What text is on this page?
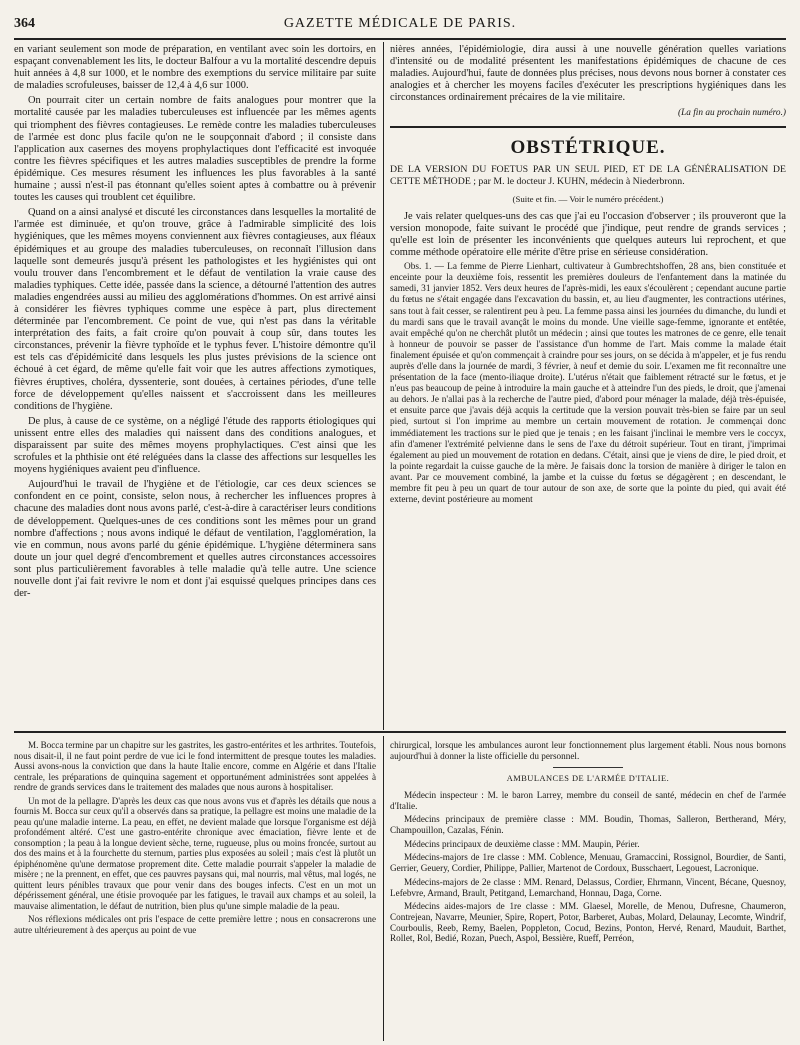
364	GAZETTE MÉDICALE DE PARIS.

en variant seulement son mode de préparation, en ventilant avec soin les dortoirs, en espaçant convenablement les lits, le docteur Balfour a vu la mortalité descendre depuis huit années à 4,8 sur 1000, et le nombre des exemptions du service militaire par suite de maladies scrofuleuses, baisser de 12,4 à 4,6 sur 1000.

On pourrait citer un certain nombre de faits analogues pour montrer que la mortalité causée par les maladies tuberculeuses est influencée par les mêmes agents qui triomphent des fièvres contagieuses. Le remède contre les maladies tuberculeuses de l'armée est donc plus facile qu'on ne le soupçonnait d'abord ; il consiste dans l'application aux casernes des moyens prophylactiques dont l'efficacité est invoquée contre les fièvres spécifiques et les autres maladies susceptibles de prendre la forme épidémique. Ces mesures résument les influences les plus favorables à la santé humaine ; aussi n'est-il pas étonnant qu'elles soient aptes à combattre ou à prévenir toutes les causes qui troublent cet équilibre.

Quand on a ainsi analysé et discuté les circonstances dans lesquelles la mortalité de l'armée est diminuée, et qu'on trouve, grâce à l'admirable simplicité des lois hygiéniques, que les mêmes moyens conviennent aux fièvres contagieuses, aux fléaux épidémiques et au groupe des maladies tuberculeuses, on reconnaît l'illusion dans laquelle sont demeurés jusqu'à présent les pathologistes et les hygiénistes qui ont voulu trouver dans l'encombrement et le défaut de ventilation la vraie cause des maladies typhiques. Cette idée, passée dans la science, a détourné l'attention des autres maladies engendrées aussi au milieu des agglomérations d'hommes. On est arrivé ainsi à considérer les fièvres typhiques comme une espèce à part, plus directement déterminée par l'encombrement. Ce point de vue, qui n'est pas dans la véritable interprétation des faits, a fait croire qu'on pouvait à coup sûr, dans toutes les circonstances, prévenir la fièvre typhoïde et le typhus fever. L'histoire démontre qu'il est tels cas d'épidémicité dans lesquels les plus justes prévisions de la science ont échoué à cet égard, de même qu'elle fait voir que les autres affections zymotiques, fièvres éruptives, choléra, dyssenterie, sont douées, à certaines périodes, d'une telle force de développement qu'elles naissent et s'accroissent dans les meilleures conditions de l'hygiène.

De plus, à cause de ce système, on a négligé l'étude des rapports étiologiques qui unissent entre elles des maladies qui naissent dans des conditions analogues, et disparaissent par suite des mêmes moyens prophylactiques. C'est ainsi que les scrofules et la phthisie ont été reléguées dans la classe des affections sur lesquelles les moyens hygiéniques avaient peu d'influence.

Aujourd'hui le travail de l'hygiène et de l'étiologie, car ces deux sciences se confondent en ce point, consiste, selon nous, à rechercher les influences propres à chacune des maladies dont nous avons parlé, c'est-à-dire à caractériser leurs conditions de développement. Quelques-unes de ces conditions sont les mêmes pour un grand nombre d'affections ; nous avons indiqué le défaut de ventilation, l'agglomération, la vie en commun, nous avons parlé du génie épidémique. L'hygiène déterminera sans doute un jour quel degré d'encombrement et quelles autres circonstances accessoires sont plus particulièrement favorables à telle maladie qu'à telle autre. Une science nouvelle dont j'ai fait revivre le nom et dont j'ai esquissé quelques principes dans ces der-

nières années, l'épidémiologie, dira aussi à une nouvelle génération quelles variations d'intensité ou de modalité présentent les manifestations épidémiques de chacune de ces maladies. Aujourd'hui, faute de données plus précises, nous devons nous borner à constater ces analogies et à chercher les moyens faciles d'exécuter les prescriptions hygiéniques dans les circonstances ordinairement précaires de la vie militaire.

(La fin au prochain numéro.)
OBSTÉTRIQUE.
DE LA VERSION DU FOETUS PAR UN SEUL PIED, ET DE LA GÉNÉRALISATION DE CETTE MÉTHODE ; par M. le docteur J. KUHN, médecin à Niederbronn.
(Suite et fin. — Voir le numéro précédent.)

Je vais relater quelques-uns des cas que j'ai eu l'occasion d'observer ; ils prouveront que la version monopode, faite suivant le procédé que j'indique, peut rendre de grands services ; qu'elle est loin de présenter les inconvénients que quelques auteurs lui reprochent, et que comme méthode opératoire elle mérite d'être prise en sérieuse considération.

Obs. 1. — La femme de Pierre Lienhart, cultivateur à Gumbrechtshoffen, 28 ans, bien constituée et enceinte pour la deuxième fois, ressentit les premières douleurs de l'enfantement dans la matinée du samedi, 31 janvier 1852. Vers deux heures de l'après-midi, les eaux s'écoulèrent ; cependant aucune partie du fœtus ne s'était engagée dans l'excavation du bassin, et, au lieu d'augmenter, les contractions utérines, sans tout à fait cesser, se ralentirent peu à peu. La femme passa ainsi les journées du dimanche, du lundi et du mardi sans que le travail avançât le moins du monde. Une vieille sage-femme, ignorante et entêtée, avait empêché qu'on ne cherchât plutôt un médecin ; ainsi que toutes les matrones de ce genre, elle tenait à honneur de pouvoir se passer de l'assistance d'un homme de l'art. Mais comme la malade était finalement épuisée et qu'on commençait à craindre pour ses jours, on se décida à m'appeler, et je fus rendu auprès d'elle dans la journée de mardi, 3 février, à neuf et demie du soir. L'examen me fit reconnaître une présentation de la face (mento-iliaque droite). L'utérus n'était que faiblement rétracté sur le fœtus, et je n'eus pas beaucoup de peine à introduire la main gauche et à atteindre l'un des pieds, le droit, que j'amenai au dehors. Je n'allai pas à la recherche de l'autre pied, d'abord pour ménager la malade, déjà très-épuisée, et ensuite parce que j'avais déjà acquis la certitude que la version pouvait très-bien se faire par un seul pied, surtout si l'on imprime au membre un certain mouvement de rotation. Je commençai donc immédiatement les tractions sur le pied que je tenais ; en les faisant j'inclinai le membre vers le coccyx, afin d'amener l'extrémité pelvienne dans le sens de l'axe du détroit supérieur. Tout en tirant, j'imprimai également au pied un mouvement de rotation en dedans. C'était, ainsi que je viens de dire, le pied droit, et la pointe regardait la cuisse gauche de la mère. Je faisais donc la torsion de manière à diriger le talon en avant. Par ce mouvement combiné, la jambe et la cuisse du fœtus se dégagèrent ; en descendant, le membre fit peu à peu un quart de tour autour de son axe, de sorte que la pointe du pied, qui avait été externe, devint postérieure au moment

M. Bocca termine par un chapitre sur les gastrites, les gastro-entérites et les arthrites. Toutefois, nous disait-il, il ne faut point perdre de vue ici le fond intermittent de presque toutes les maladies. Aussi avons-nous la conviction que dans la haute Italie encore, comme en Algérie et dans l'Italie centrale, les préparations de quinquina sagement et opportunément administrées sont appelées à rendre de grands services dans le traitement des malades que nous aurons à hospitaliser.

Un mot de la pellagre. D'après les deux cas que nous avons vus et d'après les détails que nous a fournis M. Bocca sur ceux qu'il a observés dans sa pratique, la pellagre est moins une maladie de la peau qu'une maladie interne. La peau, en effet, ne devient malade que lorsque l'organisme est déjà profondément altéré. C'est une gastro-entérite chronique avec émaciation, fièvre lente et de consomption ; la peau à la longue devient sèche, terne, rugueuse, plus ou moins froncée, surtout au dos des mains et à la fourchette du sternum, parties plus exposées au soleil ; mais c'est là plutôt un épiphénomène qu'une dermatose proprement dite. Cette maladie pourrait s'appeler la maladie de misère ; ne la prennent, en effet, que ces pauvres paysans qui, mal nourris, mal vêtus, mal logés, ne quittent leurs pénibles travaux que pour venir dans des bouges infects. C'est en un mot un dépérissement général, une étisie provoquée par les fatigues, le travail aux champs et au soleil, la mauvaise alimentation, le défaut de nutrition, bien plus qu'une simple maladie de la peau.

Nos réflexions médicales ont pris l'espace de cette première lettre ; nous en consacrerons une autre ultérieurement à des aperçus au point de vue

chirurgical, lorsque les ambulances auront leur fonctionnement plus largement établi. Nous nous bornons aujourd'hui à donner la liste officielle du personnel.

AMBULANCES DE L'ARMÉE D'ITALIE.

Médecin inspecteur : M. le baron Larrey, membre du conseil de santé, médecin en chef de l'armée d'Italie.

Médecins principaux de première classe : MM. Boudin, Thomas, Salleron, Bertherand, Méry, Champouillon, Cazalas, Fénin.

Médecins principaux de deuxième classe : MM. Maupin, Périer.

Médecins-majors de 1re classe : MM. Coblence, Menuau, Gramaccini, Rossignol, Bourdier, de Santi, Gerrier, Geuery, Cordier, Philippe, Pallier, Martenot de Cordoux, Busschaert, Legouest, Lacronique.

Médecins-majors de 2e classe : MM. Renard, Delassus, Cordier, Ehrmann, Vincent, Bécane, Quesnoy, Lefebvre, Armand, Brault, Petitgand, Lemarchand, Honnau, Daga, Corne.

Médecins aides-majors de 1re classe : MM. Glaesel, Morelle, de Menou, Dufresne, Chaumeron, Contrejean, Navarre, Meunier, Spire, Ropert, Potor, Barberet, Aubas, Molard, Delaunay, Lecomte, Windrif, Courboulis, Reeb, Remy, Baelen, Poppleton, Cocud, Bezins, Ponton, Hervé, Renard, Mauduit, Barthet, Rollet, Rol, Bedié, Rozan, Puech, Aspol, Bessière, Rueff, Perréon,
